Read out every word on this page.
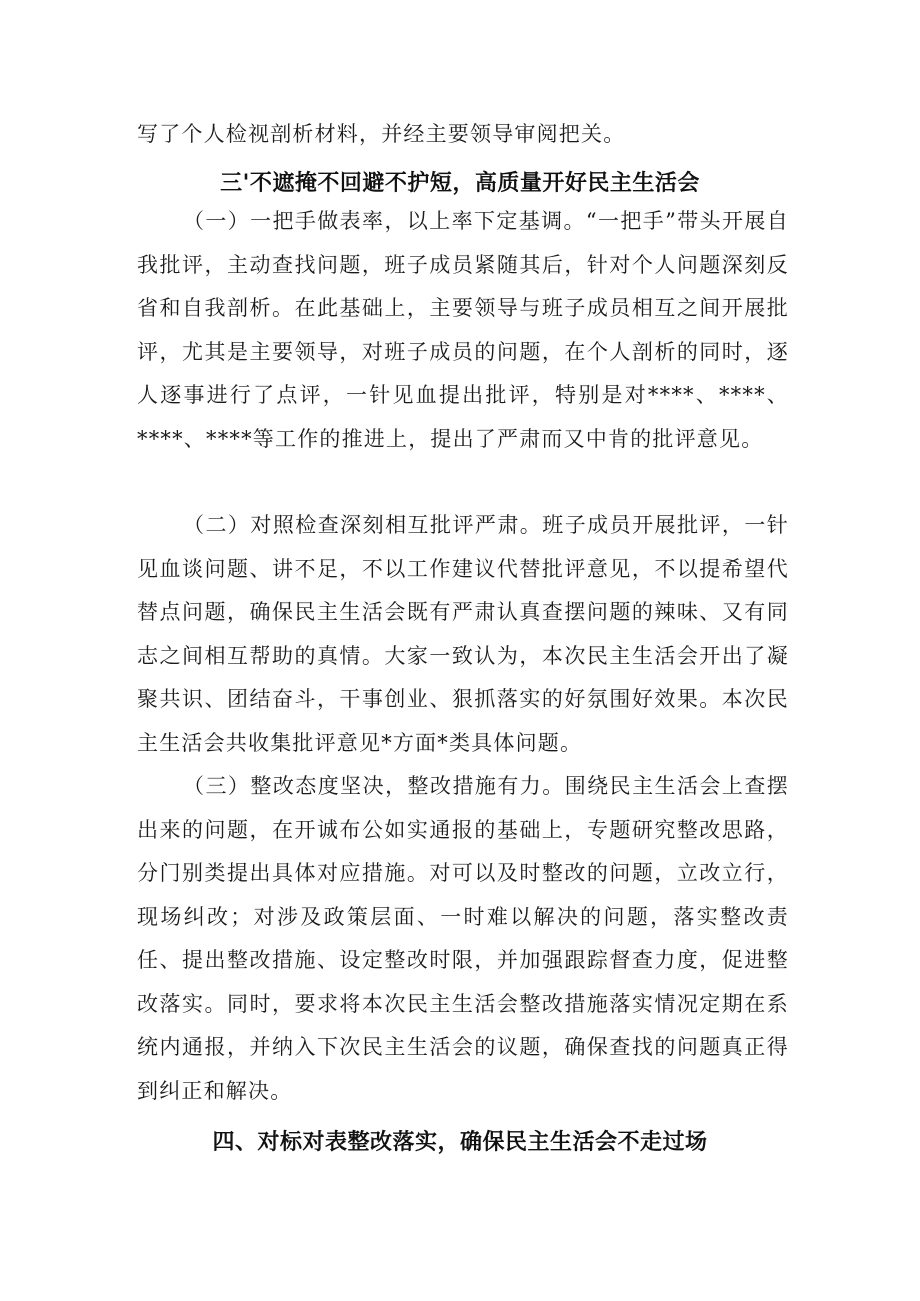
写了个人检视剖析材料，并经主要领导审阅把关。

三'不遮掩不回避不护短，高质量开好民主生活会

（一）一把手做表率，以上率下定基调。“一把手”带头开展自我批评，主动查找问题，班子成员紧随其后，针对个人问题深刻反省和自我剖析。在此基础上，主要领导与班子成员相互之间开展批评，尤其是主要领导，对班子成员的问题，在个人剖析的同时，逐人逐事进行了点评，一针见血提出批评，特别是对****、****、****、****等工作的推进上，提出了严肃而又中肯的批评意见。

（二）对照检查深刻相互批评严肃。班子成员开展批评，一针见血谈问题、讲不足，不以工作建议代替批评意见，不以提希望代替点问题，确保民主生活会既有严肃认真查摆问题的辣味、又有同志之间相互帮助的真情。大家一致认为，本次民主生活会开出了凝聚共识、团结奋斗，干事创业、狠抓落实的好氛围好效果。本次民主生活会共收集批评意见*方面*类具体问题。

（三）整改态度坚决，整改措施有力。围绕民主生活会上查摆出来的问题，在开诚布公如实通报的基础上，专题研究整改思路，分门别类提出具体对应措施。对可以及时整改的问题，立改立行，现场纠改；对涉及政策层面、一时难以解决的问题，落实整改责任、提出整改措施、设定整改时限，并加强跟踪督查力度，促进整改落实。同时，要求将本次民主生活会整改措施落实情况定期在系统内通报，并纳入下次民主生活会的议题，确保查找的问题真正得到纠正和解决。

四、对标对表整改落实，确保民主生活会不走过场
